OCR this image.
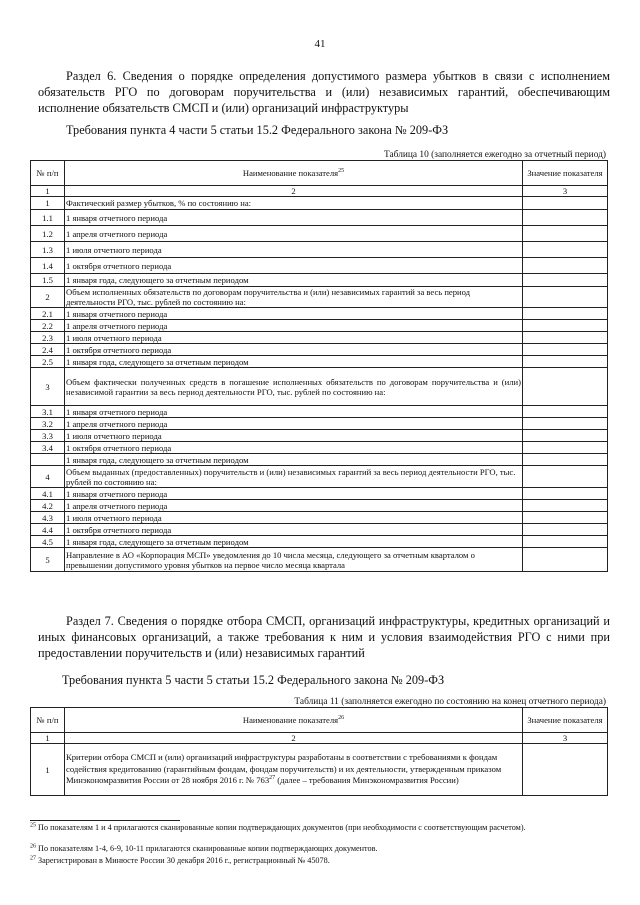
41
Раздел 6. Сведения о порядке определения допустимого размера убытков в связи с исполнением обязательств РГО по договорам поручительства и (или) независимых гарантий, обеспечивающим исполнение обязательств СМСП и (или) организаций инфраструктуры
Требования пункта 4 части 5 статьи 15.2 Федерального закона № 209-ФЗ
Таблица 10 (заполняется ежегодно за отчетный период)
№ п/п	Наименование показателя$^{25}$	Значение показателя
1	2	3
1	Фактический размер убытков, % по состоянию на:	
1.1	1 января отчетного периода	
1.2	1 апреля отчетного периода	
1.3	1 июля отчетного периода	
1.4	1 октября отчетного периода	
1.5	1 января года, следующего за отчетным периодом	
2	Объем исполненных обязательств по договорам поручительства и (или) независимых гарантий за весь период деятельности РГО, тыс. рублей по состоянию на:	
2.1	1 января отчетного периода	
2.2	1 апреля отчетного периода	
2.3	1 июля отчетного периода	
2.4	1 октября отчетного периода	
2.5	1 января года, следующего за отчетным периодом	
3	Объем фактически полученных средств в погашение исполненных обязательств по договорам поручительства и (или) независимой гарантии за весь период деятельности РГО, тыс. рублей по состоянию на:	
3.1	1 января отчетного периода	
3.2	1 апреля отчетного периода	
3.3	1 июля отчетного периода	
3.4	1 октября отчетного периода	
	1 января года, следующего за отчетным периодом	
4	Объем выданных (предоставленных) поручительств и (или) независимых гарантий за весь период деятельности РГО, тыс. рублей по состоянию на:	
4.1	1 января отчетного периода	
4.2	1 апреля отчетного периода	
4.3	1 июля отчетного периода	
4.4	1 октября отчетного периода	
4.5	1 января года, следующего за отчетным периодом	
5	Направление в АО «Корпорация МСП» уведомления до 10 числа месяца, следующего за отчетным кварталом о превышении допустимого уровня убытков на первое число месяца квартала	
Раздел 7. Сведения о порядке отбора СМСП, организаций инфраструктуры, кредитных организаций и иных финансовых организаций, а также требования к ним и условия взаимодействия РГО с ними при предоставлении поручительств и (или) независимых гарантий
Требования пункта 5 части 5 статьи 15.2 Федерального закона № 209-ФЗ
Таблица 11 (заполняется ежегодно по состоянию на конец отчетного периода)
№ п/п	Наименование показателя$^{26}$	Значение показателя
1	2	3
1	Критерии отбора СМСП и (или) организаций инфраструктуры разработаны в соответствии с требованиями к фондам содействия кредитованию (гарантийным фондам, фондам поручительств) и их деятельности, утвержденным приказом Минэкономразвития России от 28 ноября 2016 г. № $763^{27}$ (далее – требования Минэкономразвития России)	
$^{25}$ По показателям 1 и 4 прилагаются сканированные копии подтверждающих документов (при необходимости с соответствующим расчетом).
$^{26}$ По показателям 1-4, 6-9, 10-11 прилагаются сканированные копии подтверждающих документов.
$^{27}$ Зарегистрирован в Минюсте России 30 декабря 2016 г., регистрационный № 45078.
